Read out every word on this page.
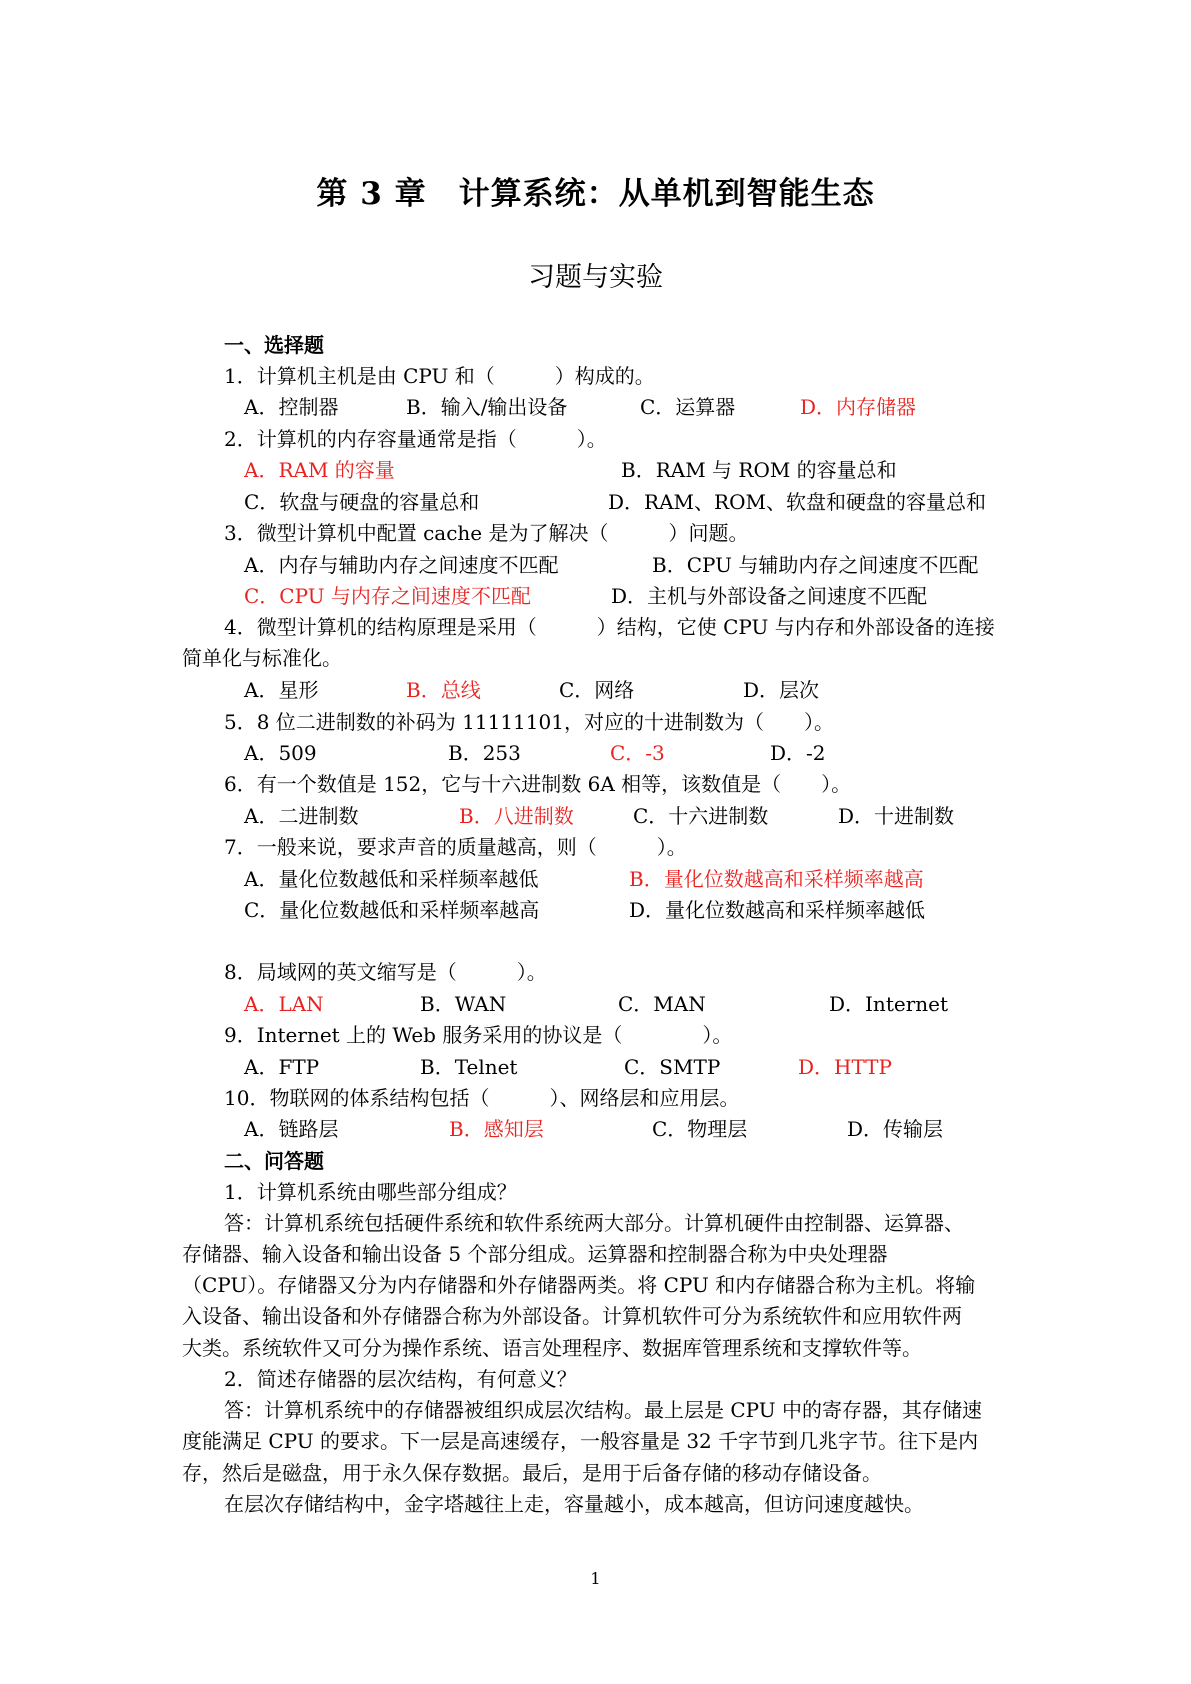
第 3 章　计算系统：从单机到智能生态
习题与实验
一、选择题
1．计算机主机是由 CPU 和（　　　）构成的。
A．控制器	B．输入/输出设备	C．运算器	D．内存储器
2．计算机的内存容量通常是指（　　　）。
A．RAM 的容量	B．RAM 与 ROM 的容量总和
C．软盘与硬盘的容量总和	D．RAM、ROM、软盘和硬盘的容量总和
3．微型计算机中配置 cache 是为了解决（　　　）问题。
A．内存与辅助内存之间速度不匹配	B．CPU 与辅助内存之间速度不匹配
C．CPU 与内存之间速度不匹配	D．主机与外部设备之间速度不匹配
4．微型计算机的结构原理是采用（　　　）结构，它使 CPU 与内存和外部设备的连接
简单化与标准化。
A．星形	B．总线	C．网络	D．层次
5．8 位二进制数的补码为 11111101，对应的十进制数为（　　）。
A．509	B．253	C．-3	D．-2
6．有一个数值是 152，它与十六进制数 6A 相等，该数值是（　　）。
A．二进制数	B．八进制数	C．十六进制数	D．十进制数
7．一般来说，要求声音的质量越高，则（　　　）。
A．量化位数越低和采样频率越低	B．量化位数越高和采样频率越高
C．量化位数越低和采样频率越高	D．量化位数越高和采样频率越低
8．局域网的英文缩写是（　　　）。
A．LAN	B．WAN	C．MAN	D．Internet
9．Internet 上的 Web 服务采用的协议是（　　　　）。
A．FTP	B．Telnet	C．SMTP	D．HTTP
10．物联网的体系结构包括（　　　）、网络层和应用层。
A．链路层	B．感知层	C．物理层	D．传输层
二、问答题
1．计算机系统由哪些部分组成？
答：计算机系统包括硬件系统和软件系统两大部分。计算机硬件由控制器、运算器、
存储器、输入设备和输出设备 5 个部分组成。运算器和控制器合称为中央处理器
（CPU）。存储器又分为内存储器和外存储器两类。将 CPU 和内存储器合称为主机。将输
入设备、输出设备和外存储器合称为外部设备。计算机软件可分为系统软件和应用软件两
大类。系统软件又可分为操作系统、语言处理程序、数据库管理系统和支撑软件等。
2．简述存储器的层次结构，有何意义？
答：计算机系统中的存储器被组织成层次结构。最上层是 CPU 中的寄存器，其存储速
度能满足 CPU 的要求。下一层是高速缓存，一般容量是 32 千字节到几兆字节。往下是内
存，然后是磁盘，用于永久保存数据。最后，是用于后备存储的移动存储设备。
在层次存储结构中，金字塔越往上走，容量越小，成本越高，但访问速度越快。
1
